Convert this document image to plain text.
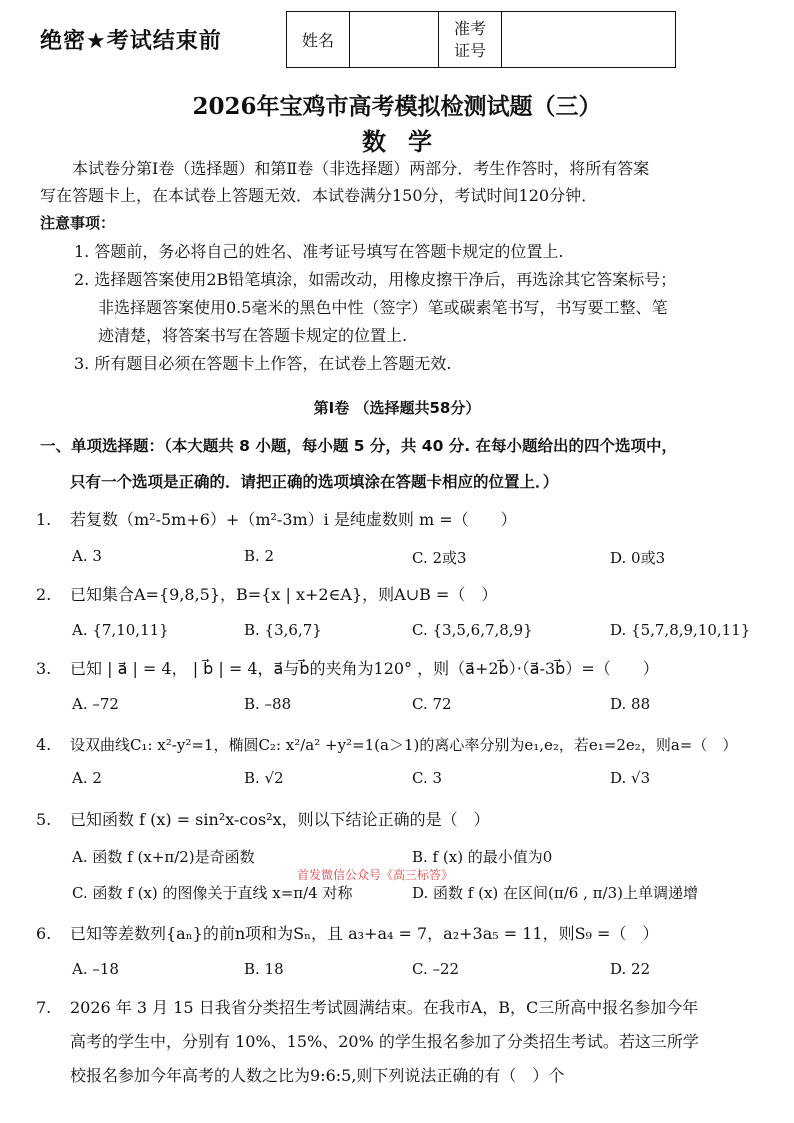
绝密★考试结束前	姓名
准考
证号
2026年宝鸡市高考模拟检测试题（三）
数学
本试卷分第Ⅰ卷（选择题）和第Ⅱ卷（非选择题）两部分．考生作答时，将所有答案
写在答题卡上，在本试卷上答题无效．本试卷满分150分，考试时间120分钟．
注意事项：
1. 答题前，务必将自己的姓名、准考证号填写在答题卡规定的位置上.
2. 选择题答案使用2B铅笔填涂，如需改动，用橡皮擦干净后，再选涂其它答案标号；
非选择题答案使用0.5毫米的黑色中性（签字）笔或碳素笔书写，书写要工整、笔
迹清楚，将答案书写在答题卡规定的位置上.
3. 所有题目必须在答题卡上作答，在试卷上答题无效.
第Ⅰ卷 （选择题共58分）
一、单项选择题：（本大题共 8 小题，每小题 5 分，共 40 分. 在每小题给出的四个选项中，
只有一个选项是正确的．请把正确的选项填涂在答题卡相应的位置上．）
1. 若复数（m²-5m+6）+（m²-3m）i 是纯虚数则 m =（　　）
A. 3	B. 2	C. 2或3	D. 0或3
2. 已知集合A={9,8,5}，B={x | x+2∈A}，则A∪B =（　）
A. {7,10,11}	B. {3,6,7}	C. {3,5,6,7,8,9}	D. {5,7,8,9,10,11}
3. 已知 | a⃗ | = 4， | b⃗ | = 4，a⃗与b⃗的夹角为120° ，则（a⃗+2b⃗）·（a⃗-3b⃗）=（　　）
A. –72	B. –88	C. 72	D. 88
4. 设双曲线C₁: x²-y²=1，椭圆C₂: x²/a² +y²=1(a＞1)的离心率分别为e₁,e₂，若e₁=2e₂，则a=（　）
A. 2	B. √2	C. 3	D. √3
5. 已知函数 f (x) = sin²x-cos²x，则以下结论正确的是（　）
A. 函数 f (x+π/2)是奇函数	B. f (x) 的最小值为0
C. 函数 f (x) 的图像关于直线 x=π/4 对称	D. 函数 f (x) 在区间(π/6 , π/3)上单调递增
首发微信公众号《高三标答》
6. 已知等差数列{aₙ}的前n项和为Sₙ，且 a₃+a₄ = 7，a₂+3a₅ = 11，则S₉ =（　）
A. –18	B. 18	C. –22	D. 22
7. 2026 年 3 月 15 日我省分类招生考试圆满结束。在我市A，B，C三所高中报名参加今年
高考的学生中，分别有 10%、15%、20% 的学生报名参加了分类招生考试。若这三所学
校报名参加今年高考的人数之比为9:6:5,则下列说法正确的有（　）个
